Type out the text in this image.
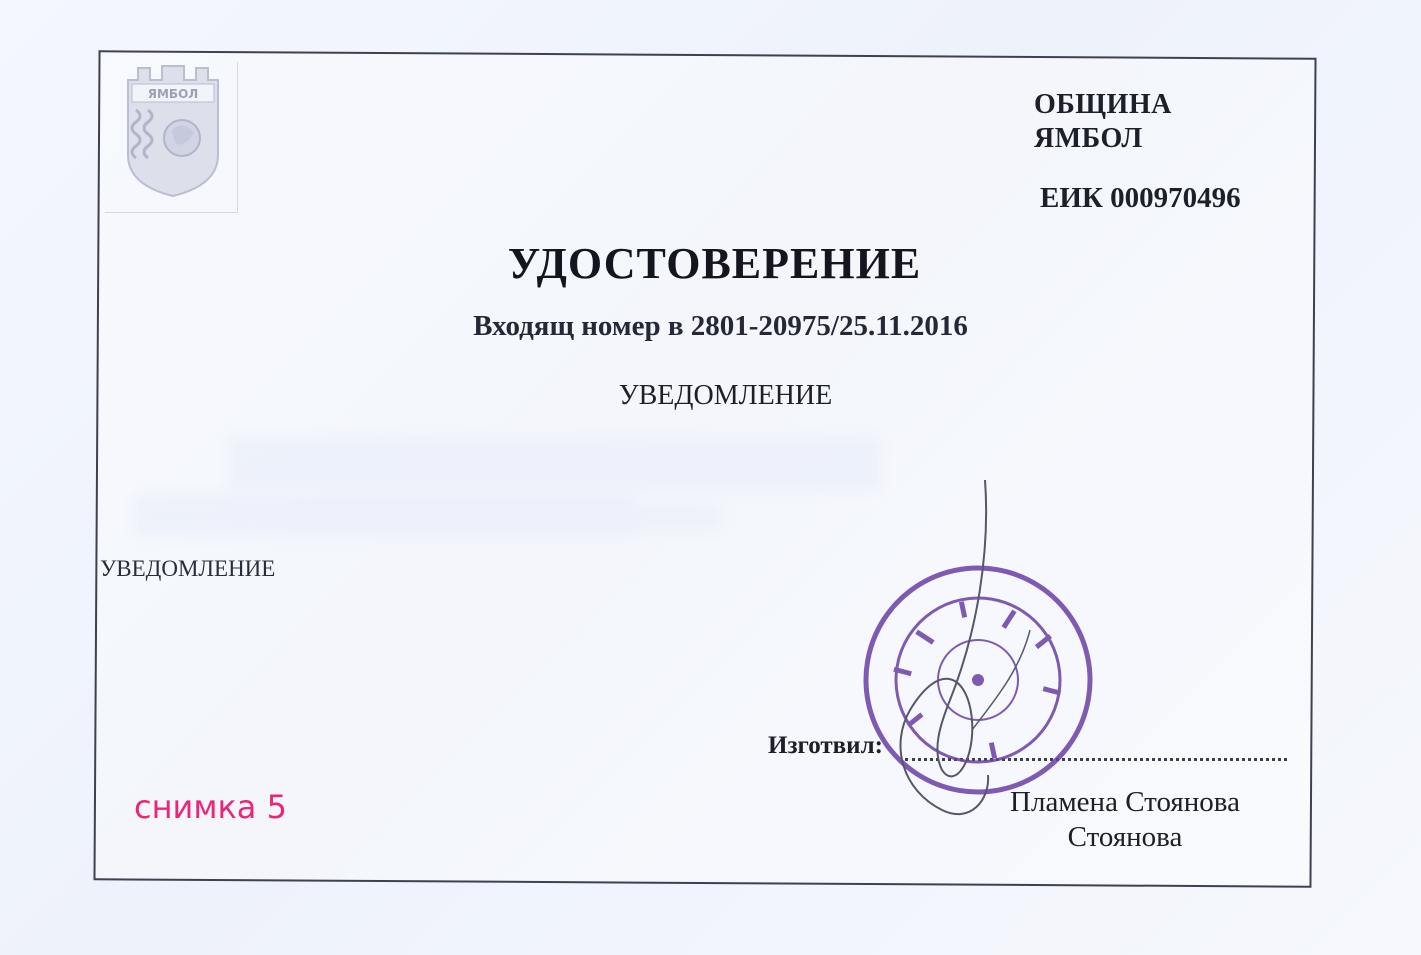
ЯМБОЛ	ОБЩИНА
ЯМБОЛ
ЕИК 000970496
УДОСТОВЕРЕНИЕ
Входящ номер в 2801-20975/25.11.2016
УВЕДОМЛЕНИЕ
УВЕДОМЛЕНИЕ
Изготвил:
Пламена Стоянова
Стоянова
снимка 5
